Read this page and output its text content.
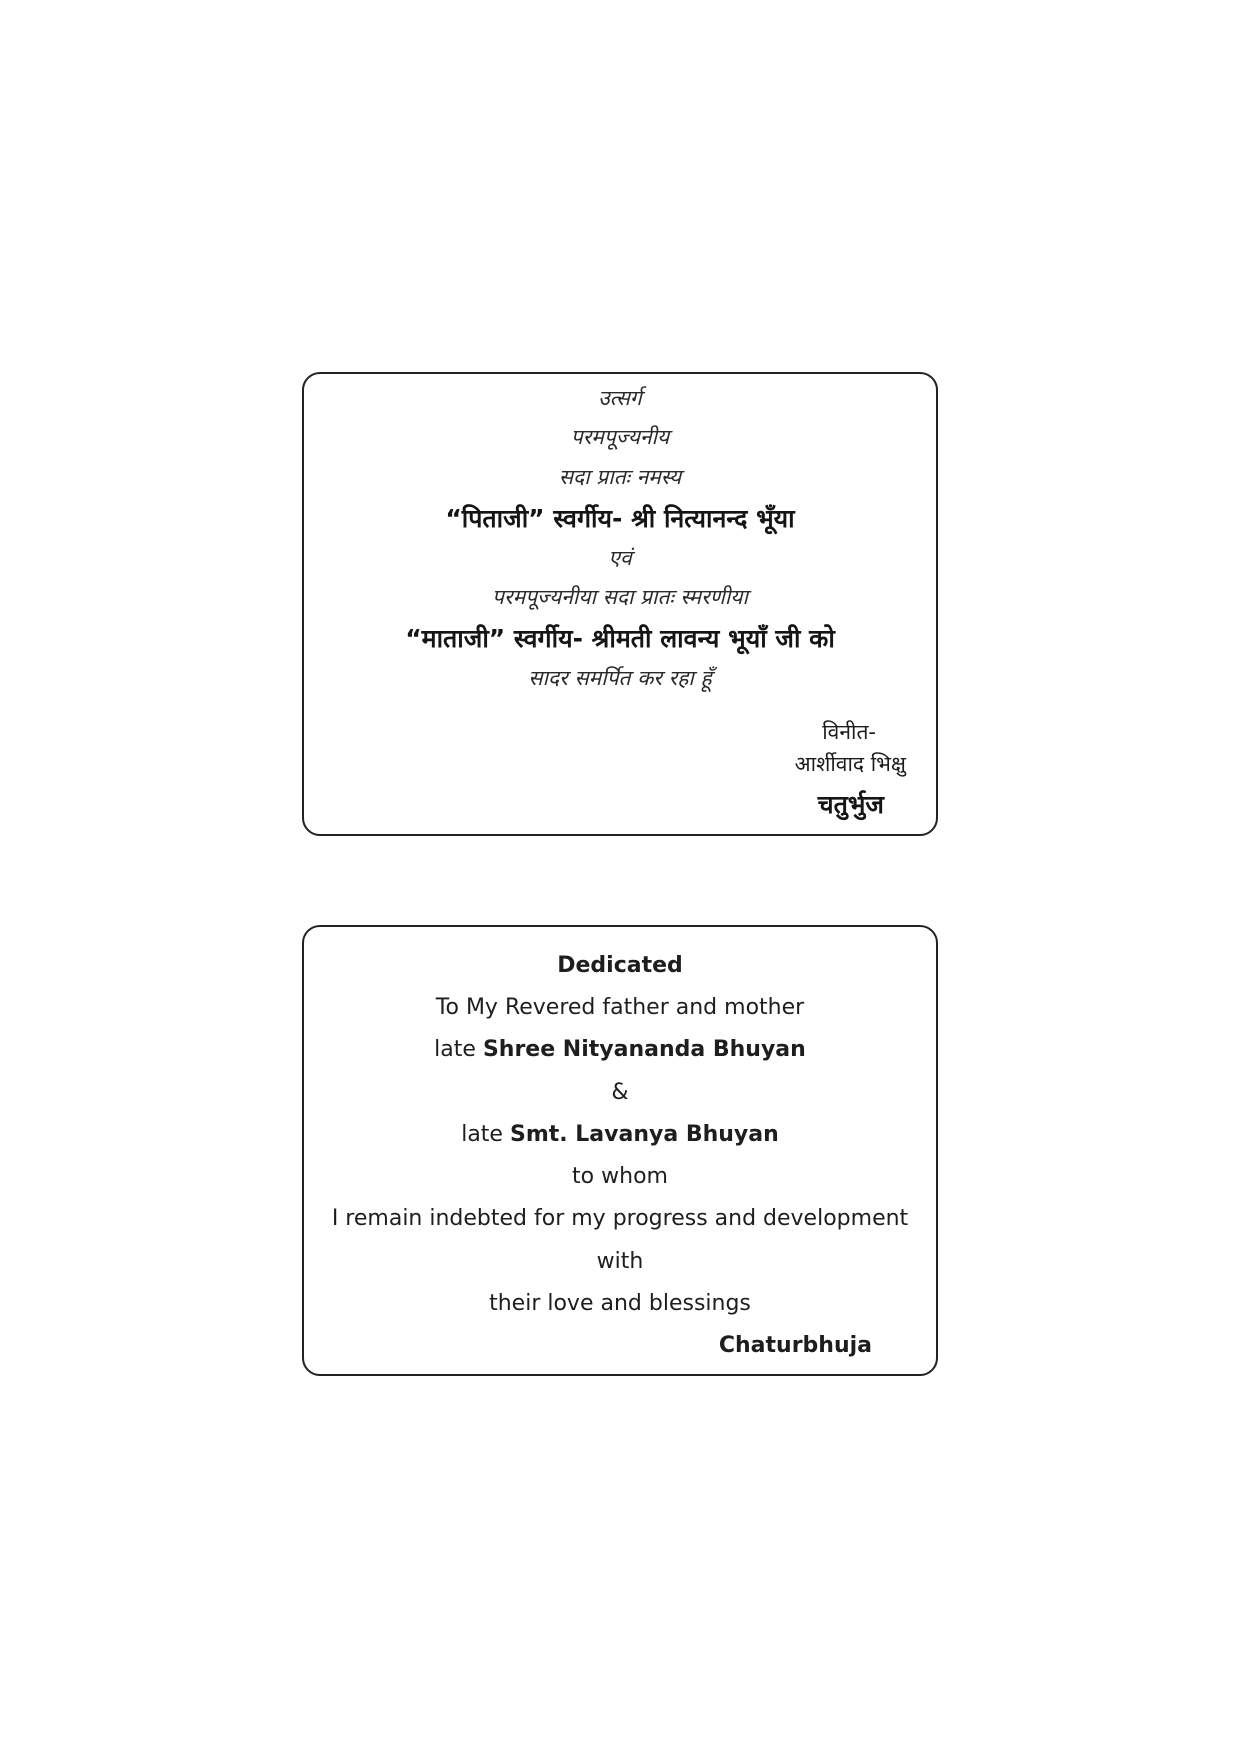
उत्सर्ग
परमपूज्यनीय
सदा प्रातः नमस्य
“पिताजी” स्वर्गीय- श्री नित्यानन्द भूँया
एवं
परमपूज्यनीया सदा प्रातः स्मरणीया
“माताजी” स्वर्गीय- श्रीमती लावन्य भूयाँ जी को
सादर समर्पित कर रहा हूँ
विनीत-
आर्शीवाद भिक्षु
चतुर्भुज
Dedicated
To My Revered father and mother
late Shree Nityananda Bhuyan
&
late Smt. Lavanya Bhuyan
to whom
I remain indebted for my progress and development
with
their love and blessings
Chaturbhuja
